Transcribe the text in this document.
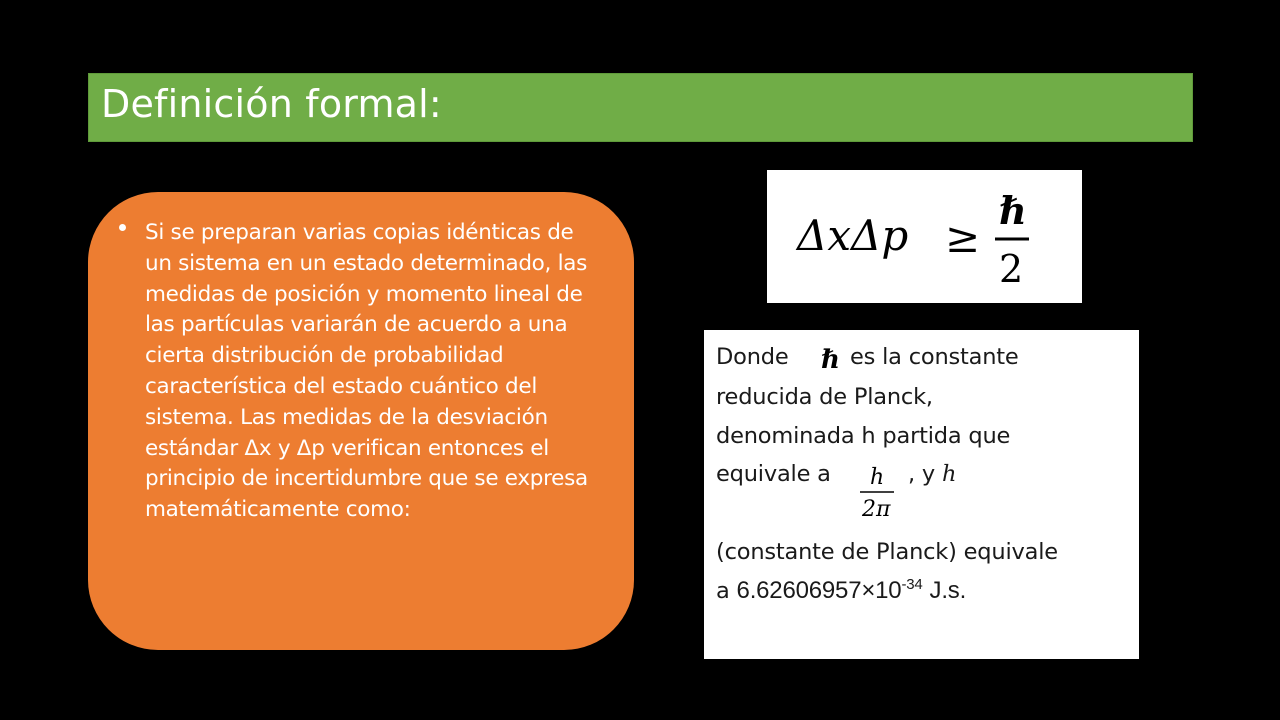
Definición formal:
Si se preparan varias copias idénticas de un sistema en un estado determinado, las medidas de posición y momento lineal de las partículas variarán de acuerdo a una cierta distribución de probabilidad característica del estado cuántico del sistema. Las medidas de la desviación estándar Δx y Δp verifican entonces el principio de incertidumbre que se expresa matemáticamente como:
ΔxΔp ≥
ℏ
2
Donde ℏ es la constante
reducida de Planck,
denominada h partida que
equivale a h
2π
, y h
(constante de Planck) equivale
a $6.62606957\times 10^{-34}$ J.s.
